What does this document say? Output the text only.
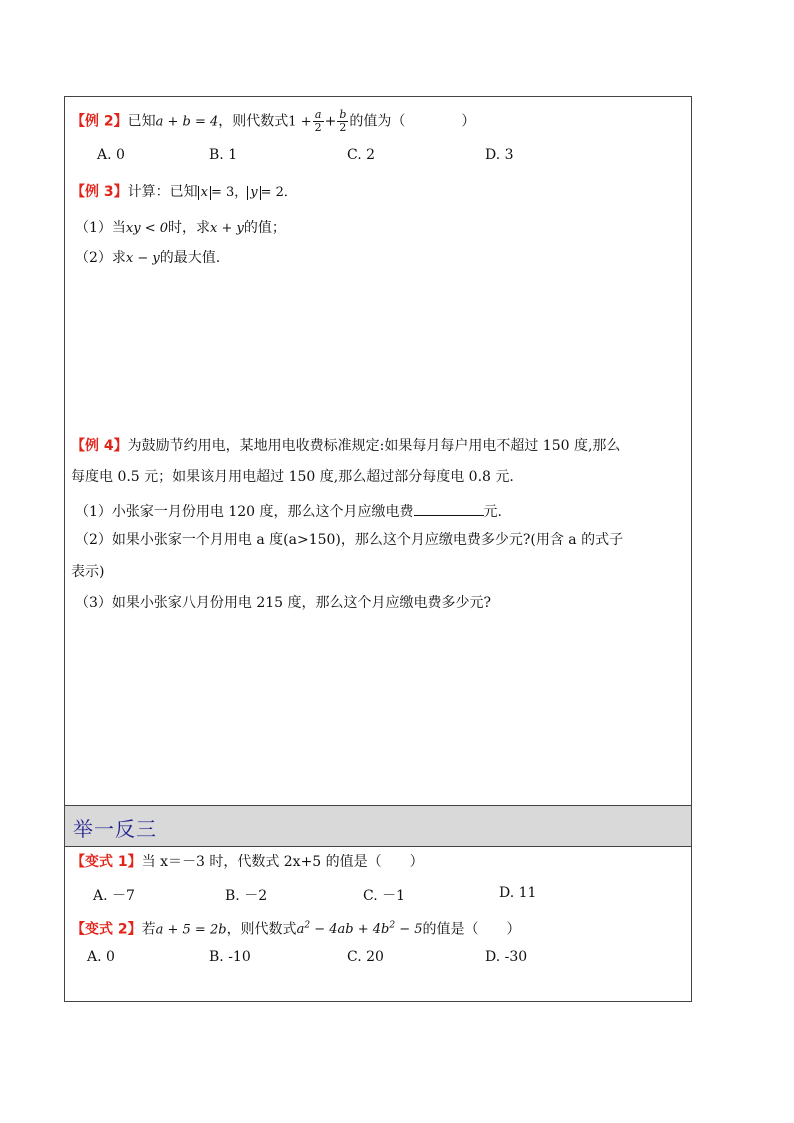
【例 2】已知a + b = 4，则代数式$1 + \frac{a}{2} + \frac{b}{2}$ 的值为（　　　　）
A. 0	B. 1	C. 2	D. 3
【例 3】计算：已知 x = 3， y = 2．
（1）当xy < 0时，求x + y的值；
（2）求x − y的最大值.
【例 4】为鼓励节约用电，某地用电收费标准规定:如果每月每户用电不超过 150 度,那么
每度电 0.5 元；如果该月用电超过 150 度,那么超过部分每度电 0.8 元.
（1）小张家一月份用电 120 度，那么这个月应缴电费	元.
（2）如果小张家一个月用电 a 度(a>150)，那么这个月应缴电费多少元?(用含 a 的式子
表示)
（3）如果小张家八月份用电 215 度，那么这个月应缴电费多少元?
举一反三
【变式 1】当 x＝－3 时，代数式 2x+5 的值是（　　）
A. －7	B. －2	C. －1	D. 11
【变式 2】若a + 5 = 2b，则代数式$a^2 - 4ab + 4b^2 - 5$的值是（　　）
A. 0	B. -10	C. 20	D. -30
